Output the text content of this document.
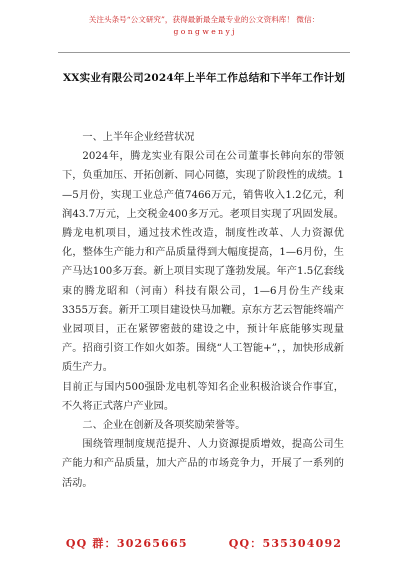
关注头条号“公文研究”，获得最新最全最专业的公文资料库！ 微信：
g o n g w e n y j
XX实业有限公司2024年上半年工作总结和下半年工作计划

一、上半年企业经营状况

2024年，腾龙实业有限公司在公司董事长韩向东的带领下，负重加压、开拓创新、同心同德，实现了阶段性的成绩。1—5月份，实现工业总产值7466万元，销售收入1.2亿元，利润43.7万元，上交税金400多万元。老项目实现了巩固发展。腾龙电机项目，通过技术性改造，制度性改革、人力资源优化，整体生产能力和产品质量得到大幅度提高，1—6月份，生产马达100多万套。新上项目实现了蓬勃发展。年产1.5亿套线束的腾龙昭和（河南）科技有限公司，1—6月份生产线束3355万套。新开工项目建设快马加鞭。京东方艺云智能终端产业园项目，正在紧锣密鼓的建设之中，预计年底能够实现量产。招商引资工作如火如荼。围绕“人工智能+”，，加快形成新质生产力。

目前正与国内500强卧龙电机等知名企业积极洽谈合作事宜，不久将正式落户产业园。

二、企业在创新及各项奖励荣誉等。

围绕管理制度规范提升、人力资源提质增效，提高公司生产能力和产品质量，加大产品的市场竞争力，开展了一系列的活动。

QQ 群：30265665	QQ：535304092
